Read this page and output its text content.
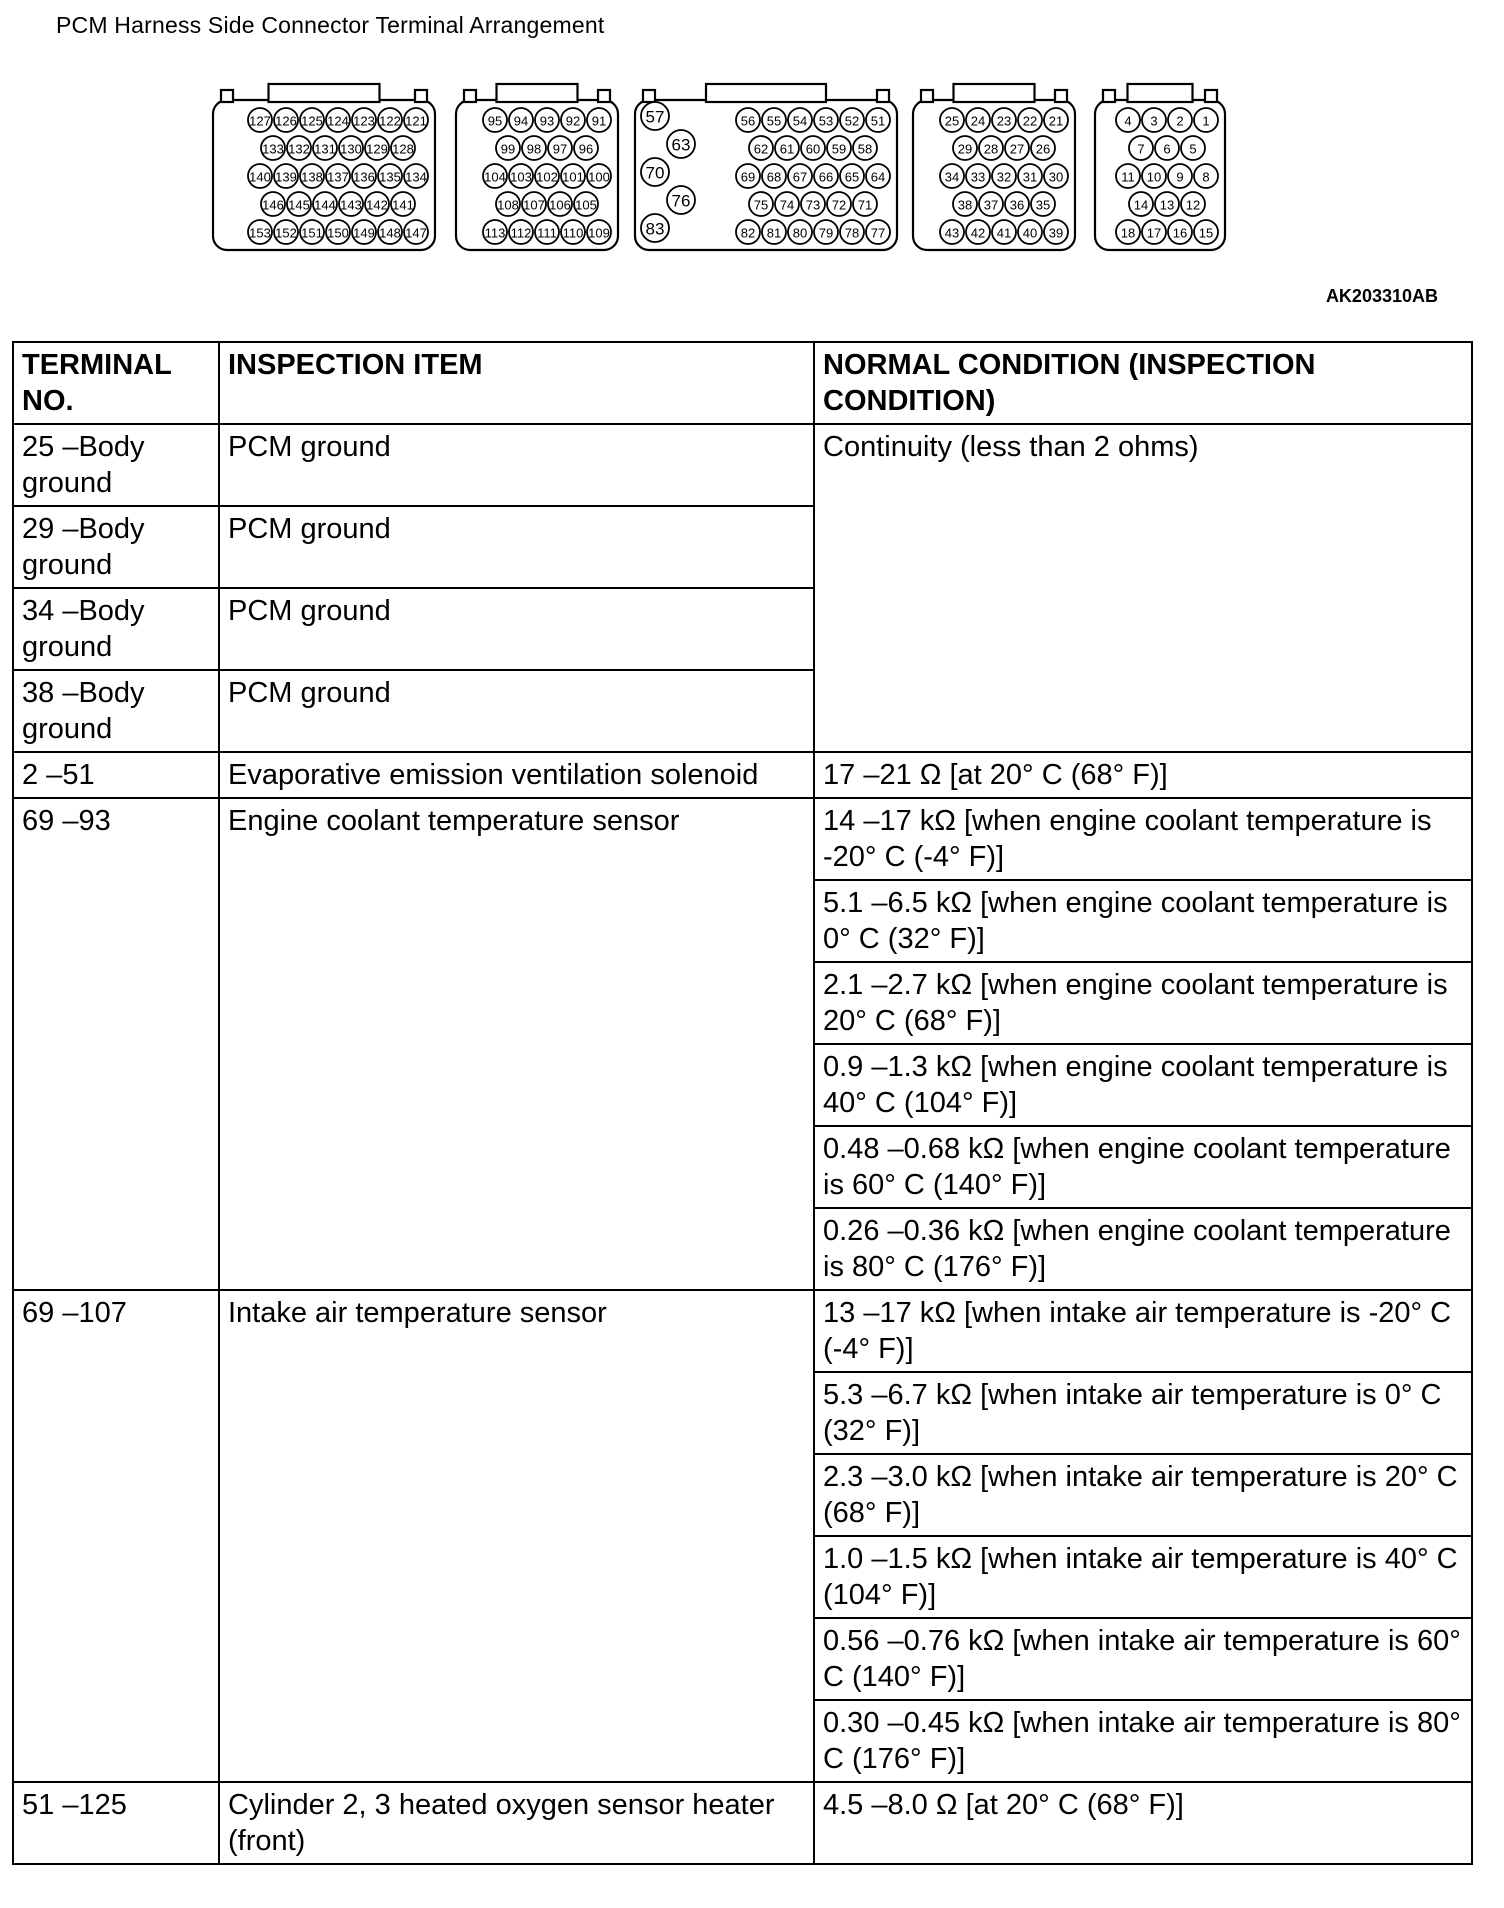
PCM Harness Side Connector Terminal Arrangement
127 126 125 124 123 122 121
133 132 131 130 129 128
140 139 138 137 136 135 134
146 145 144 143 142 141
153 152 151 150 149 148 147
95 94 93 92 91
99 98 97 96
104 103 102 101 100
108 107 106 105
113 112 111 110 109
56 55 54 53 52 51
62 61 60 59 58
69 68 67 66 65 64
75 74 73 72 71
82 81 80 79 78 77
57
63
70
76
83
25 24 23 22 21
29 28 27 26
34 33 32 31 30
38 37 36 35
43 42 41 40 39
4 3 2 1
7 6 5
11 10 9 8
14 13 12
18 17 16 15
AK203310AB
TERMINAL NO.	INSPECTION ITEM	NORMAL CONDITION (INSPECTION CONDITION)
25 –Body ground	PCM ground	Continuity (less than 2 ohms)
29 –Body ground	PCM ground	
34 –Body ground	PCM ground	
38 –Body ground	PCM ground	
2 –51	Evaporative emission ventilation solenoid	17 –21 Ω [at 20° C (68° F)]
69 –93	Engine coolant temperature sensor	14 –17 kΩ [when engine coolant temperature is -20° C (-4° F)]
		5.1 –6.5 kΩ [when engine coolant temperature is 0° C (32° F)]
		2.1 –2.7 kΩ [when engine coolant temperature is 20° C (68° F)]
		0.9 –1.3 kΩ [when engine coolant temperature is 40° C (104° F)]
		0.48 –0.68 kΩ [when engine coolant temperature is 60° C (140° F)]
		0.26 –0.36 kΩ [when engine coolant temperature is 80° C (176° F)]
69 –107	Intake air temperature sensor	13 –17 kΩ [when intake air temperature is -20° C (-4° F)]
		5.3 –6.7 kΩ [when intake air temperature is 0° C (32° F)]
		2.3 –3.0 kΩ [when intake air temperature is 20° C (68° F)]
		1.0 –1.5 kΩ [when intake air temperature is 40° C (104° F)]
		0.56 –0.76 kΩ [when intake air temperature is 60° C (140° F)]
		0.30 –0.45 kΩ [when intake air temperature is 80° C (176° F)]
51 –125	Cylinder 2, 3 heated oxygen sensor heater (front)	4.5 –8.0 Ω [at 20° C (68° F)]
